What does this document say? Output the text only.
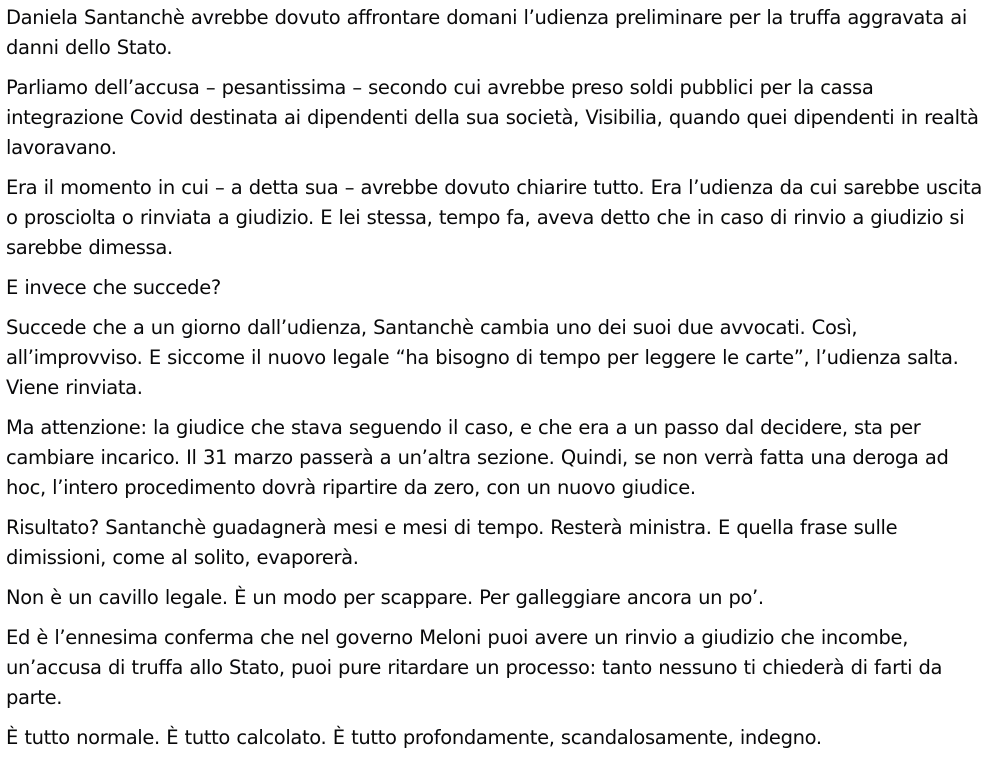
Daniela Santanchè avrebbe dovuto affrontare domani l’udienza preliminare per la truffa aggravata ai danni dello Stato.

Parliamo dell’accusa – pesantissima – secondo cui avrebbe preso soldi pubblici per la cassa integrazione Covid destinata ai dipendenti della sua società, Visibilia, quando quei dipendenti in realtà lavoravano.

Era il momento in cui – a detta sua – avrebbe dovuto chiarire tutto. Era l’udienza da cui sarebbe uscita o prosciolta o rinviata a giudizio. E lei stessa, tempo fa, aveva detto che in caso di rinvio a giudizio si sarebbe dimessa.

E invece che succede?

Succede che a un giorno dall’udienza, Santanchè cambia uno dei suoi due avvocati. Così, all’improvviso. E siccome il nuovo legale “ha bisogno di tempo per leggere le carte”, l’udienza salta. Viene rinviata.

Ma attenzione: la giudice che stava seguendo il caso, e che era a un passo dal decidere, sta per cambiare incarico. Il 31 marzo passerà a un’altra sezione. Quindi, se non verrà fatta una deroga ad hoc, l’intero procedimento dovrà ripartire da zero, con un nuovo giudice.

Risultato? Santanchè guadagnerà mesi e mesi di tempo. Resterà ministra. E quella frase sulle dimissioni, come al solito, evaporerà.

Non è un cavillo legale. È un modo per scappare. Per galleggiare ancora un po’.

Ed è l’ennesima conferma che nel governo Meloni puoi avere un rinvio a giudizio che incombe, un’accusa di truffa allo Stato, puoi pure ritardare un processo: tanto nessuno ti chiederà di farti da parte.

È tutto normale. È tutto calcolato. È tutto profondamente, scandalosamente, indegno.
